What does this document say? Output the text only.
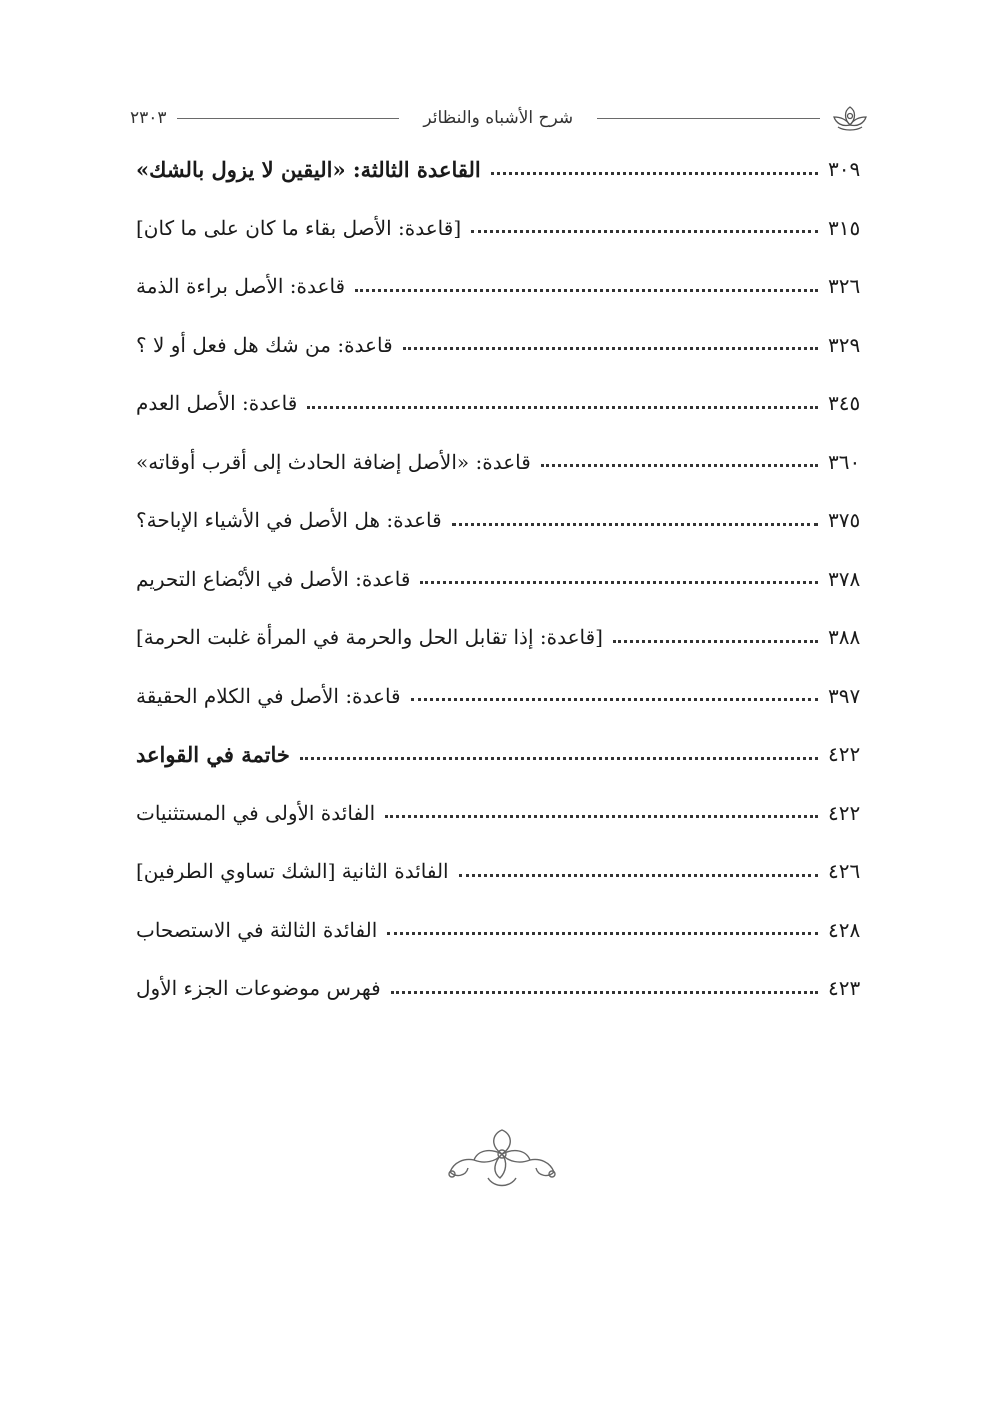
شرح الأشباه والنظائر
٢٣٠٣
القاعدة الثالثة: «اليقين لا يزول بالشك»	٣٠٩
[قاعدة: الأصل بقاء ما كان على ما كان]	٣١٥
قاعدة: الأصل براءة الذمة	٣٢٦
قاعدة: من شك هل فعل أو لا ؟	٣٢٩
قاعدة: الأصل العدم	٣٤٥
قاعدة: «الأصل إضافة الحادث إلى أقرب أوقاته»	٣٦٠
قاعدة: هل الأصل في الأشياء الإباحة؟	٣٧٥
قاعدة: الأصل في الأبْضاع التحريم	٣٧٨
[قاعدة: إذا تقابل الحل والحرمة في المرأة غلبت الحرمة]	٣٨٨
قاعدة: الأصل في الكلام الحقيقة	٣٩٧
خاتمة في القواعد	٤٢٢
الفائدة الأولى في المستثنيات	٤٢٢
الفائدة الثانية [الشك تساوي الطرفين]	٤٢٦
الفائدة الثالثة في الاستصحاب	٤٢٨
فهرس موضوعات الجزء الأول	٤٢٣
